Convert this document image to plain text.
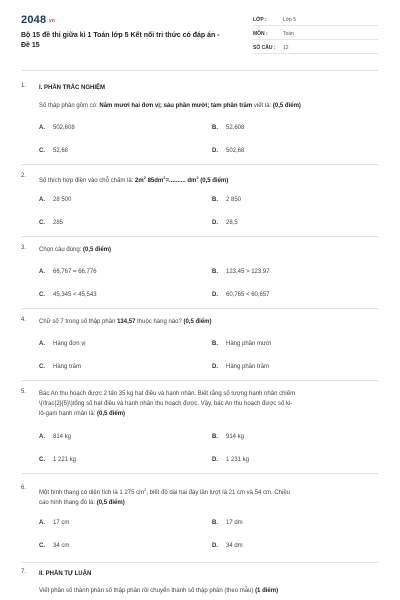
2048.vn
Bộ 15 đề thi giữa kì 1 Toán lớp 5 Kết nối tri thức có đáp án - Đề 15
LỚP :	Lớp 5
MÔN :	Toán
SỐ CÂU : 12
1. I. PHẦN TRẮC NGHIỆM
Số thập phân gồm có: Năm mươi hai đơn vị; sáu phần mười; tám phần trăm viết là: (0,5 điểm)
A. 502,608	B. 52,608
C. 52,68	D. 502,68
2.
Số thích hợp điền vào chỗ chấm là: $2m^2$ $85dm^2=$.......... $dm^2$ (0,5 điểm)
A. 28 500	B. 2 850
C. 285	D. 28,5
3. Chọn câu đúng: (0,5 điểm)
A. 66,767 = 66,776	B. 123,45 > 123,97
C. 45,345 < 45,543	D. 60,765 < 60,657
4. Chữ số 7 trong số thập phân 134,57 thuộc hàng nào? (0,5 điểm)
A. Hàng đơn vị	B. Hàng phần mười
C. Hàng trăm	D. Hàng phần trăm
5. Bác An thu hoạch được 2 tấn 35 kg hạt điều và hạnh nhân. Biết rằng số lượng hạnh nhân chiếm
\(\frac{2}{5}\)tổng số hạt điều và hạnh nhân thu hoạch được. Vậy, bác An thu hoạch được số ki-
lô-gam hạnh nhân là: (0,5 điểm)
A. 814 kg	B. 914 kg
C. 1 221 kg	D. 1 231 kg
6.
Một hình thang có diện tích là 1 275 $cm^2$, biết độ dài hai đáy lần lượt là 21 cm và 54 cm. Chiều
cao hình thang đó là: (0,5 điểm)
A. 17 cm	B. 17 dm
C. 34 cm	D. 34 dm
7. II. PHẦN TỰ LUẬN
Viết phân số thành phân số thập phân rồi chuyển thành số thập phân (theo mẫu) (1 điểm)
